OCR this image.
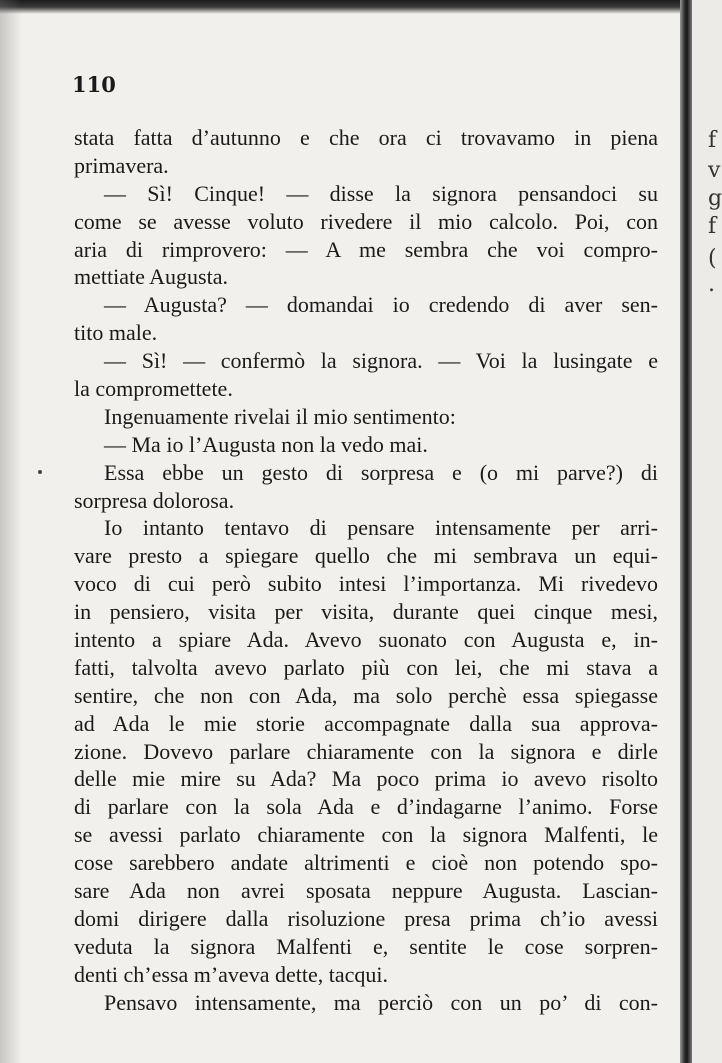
110
stata fatta d’autunno e che ora ci trovavamo in piena
primavera.
— Sì! Cinque! — disse la signora pensandoci su
come se avesse voluto rivedere il mio calcolo. Poi, con
aria di rimprovero: — A me sembra che voi compro-
mettiate Augusta.
— Augusta? — domandai io credendo di aver sen-
tito male.
— Sì! — confermò la signora. — Voi la lusingate e
la compromettete.
Ingenuamente rivelai il mio sentimento:
— Ma io l’Augusta non la vedo mai.
Essa ebbe un gesto di sorpresa e (o mi parve?) di
sorpresa dolorosa.
Io intanto tentavo di pensare intensamente per arri-
vare presto a spiegare quello che mi sembrava un equi-
voco di cui però subito intesi l’importanza. Mi rivedevo
in pensiero, visita per visita, durante quei cinque mesi,
intento a spiare Ada. Avevo suonato con Augusta e, in-
fatti, talvolta avevo parlato più con lei, che mi stava a
sentire, che non con Ada, ma solo perchè essa spiegasse
ad Ada le mie storie accompagnate dalla sua approva-
zione. Dovevo parlare chiaramente con la signora e dirle
delle mie mire su Ada? Ma poco prima io avevo risolto
di parlare con la sola Ada e d’indagarne l’animo. Forse
se avessi parlato chiaramente con la signora Malfenti, le
cose sarebbero andate altrimenti e cioè non potendo spo-
sare Ada non avrei sposata neppure Augusta. Lascian-
domi dirigere dalla risoluzione presa prima ch’io avessi
veduta la signora Malfenti e, sentite le cose sorpren-
denti ch’essa m’aveva dette, tacqui.
Pensavo intensamente, ma perciò con un po’ di con-
f
v
g
f
(
.
